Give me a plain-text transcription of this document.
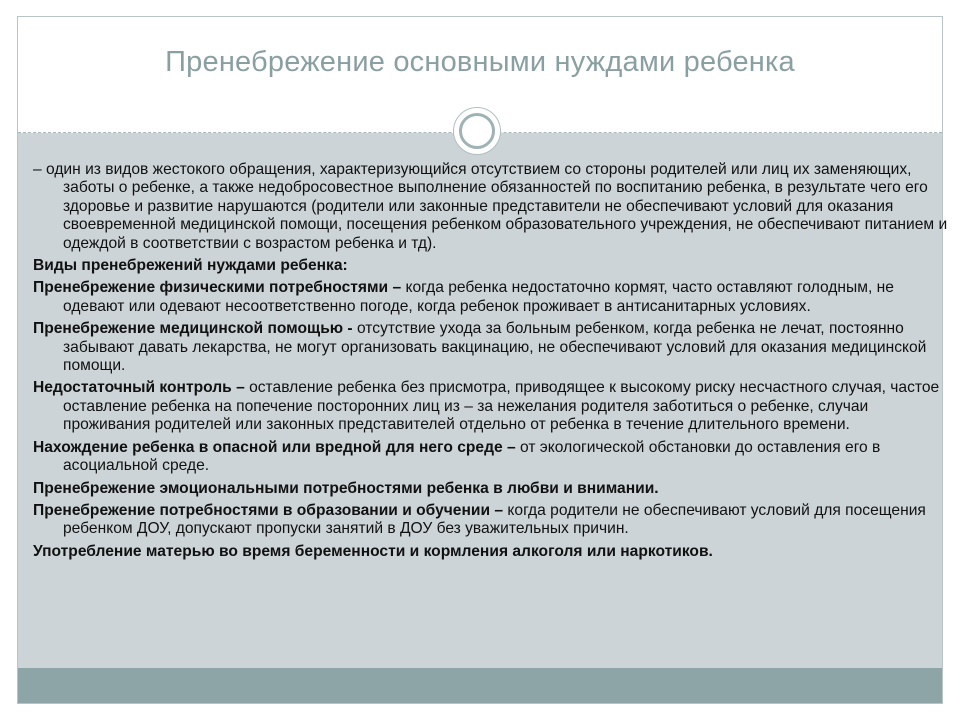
Пренебрежение основными нуждами ребенка

– один из видов жестокого обращения, характеризующийся отсутствием со стороны родителей или лиц их заменяющих, заботы о ребенке, а также недобросовестное выполнение обязанностей по воспитанию ребенка, в результате чего его здоровье и развитие нарушаются (родители или законные представители не обеспечивают условий для оказания своевременной медицинской помощи, посещения ребенком образовательного учреждения, не обеспечивают питанием и одеждой в соответствии с возрастом ребенка и тд).

Виды пренебрежений нуждами ребенка:

Пренебрежение физическими потребностями – когда ребенка недостаточно кормят, часто оставляют голодным, не одевают или одевают несоответственно погоде, когда ребенок проживает в антисанитарных условиях.

Пренебрежение медицинской помощью - отсутствие ухода за больным ребенком, когда ребенка не лечат, постоянно забывают давать лекарства, не могут организовать вакцинацию, не обеспечивают условий для оказания медицинской помощи.

Недостаточный контроль – оставление ребенка без присмотра, приводящее к высокому риску несчастного случая, частое оставление ребенка на попечение посторонних лиц из – за нежелания родителя заботиться о ребенке, случаи проживания родителей или законных представителей отдельно от ребенка в течение длительного времени.

Нахождение ребенка в опасной или вредной для него среде – от экологической обстановки до оставления его в асоциальной среде.

Пренебрежение эмоциональными потребностями ребенка в любви и внимании.

Пренебрежение потребностями в образовании и обучении – когда родители не обеспечивают условий для посещения ребенком ДОУ, допускают пропуски занятий в ДОУ без уважительных причин.

Употребление матерью во время беременности и кормления алкоголя или наркотиков.
